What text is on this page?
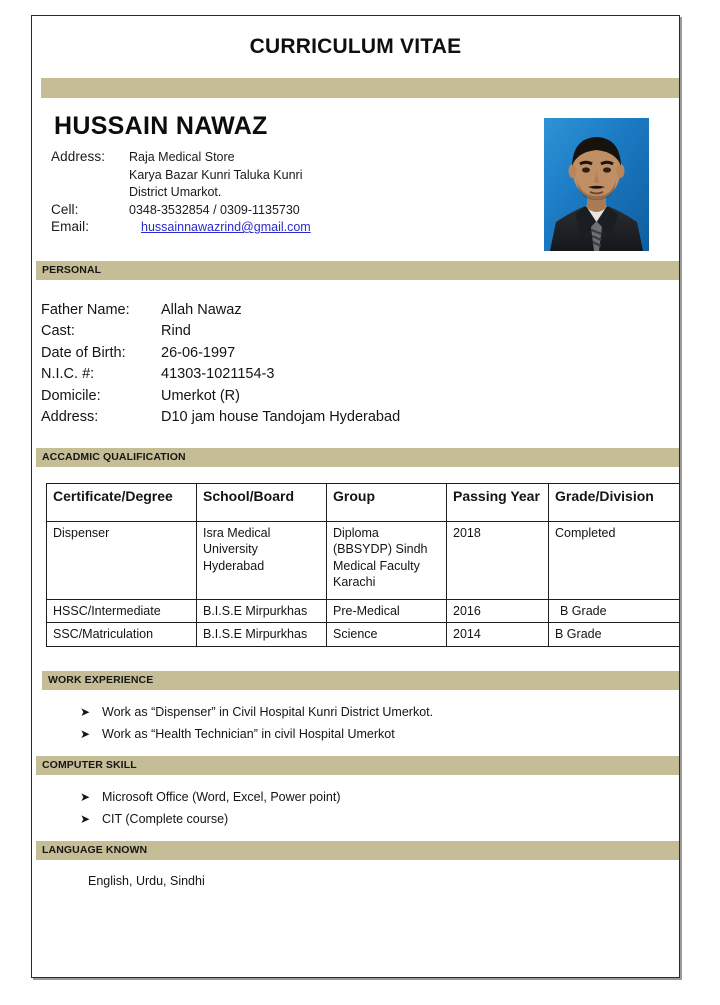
CURRICULUM VITAE
HUSSAIN NAWAZ
Address:	Raja Medical Store
	Karya Bazar Kunri Taluka Kunri
	District Umarkot.
Cell:	0348-3532854 / 0309-1135730
Email:	hussainnawazrind@gmail.com
PERSONAL
Father Name:	Allah Nawaz
Cast:	Rind
Date of Birth:	26-06-1997
N.I.C. #:	41303-1021154-3
Domicile:	Umerkot (R)
Address:	D10 jam house Tandojam Hyderabad
ACCADMIC QUALIFICATION
Certificate/Degree	School/Board	Group	Passing Year	Grade/Division
Dispenser	Isra Medical University Hyderabad	Diploma (BBSYDP) Sindh Medical Faculty Karachi	2018	Completed
HSSC/Intermediate	B.I.S.E Mirpurkhas	Pre-Medical	2016	B Grade
SSC/Matriculation	B.I.S.E Mirpurkhas	Science	2014	B Grade
WORK EXPERIENCE
➤ Work as “Dispenser” in Civil Hospital Kunri District Umerkot.
➤ Work as “Health Technician” in civil Hospital Umerkot
COMPUTER SKILL
➤ Microsoft Office (Word, Excel, Power point)
➤ CIT (Complete course)
LANGUAGE KNOWN
English, Urdu, Sindhi
